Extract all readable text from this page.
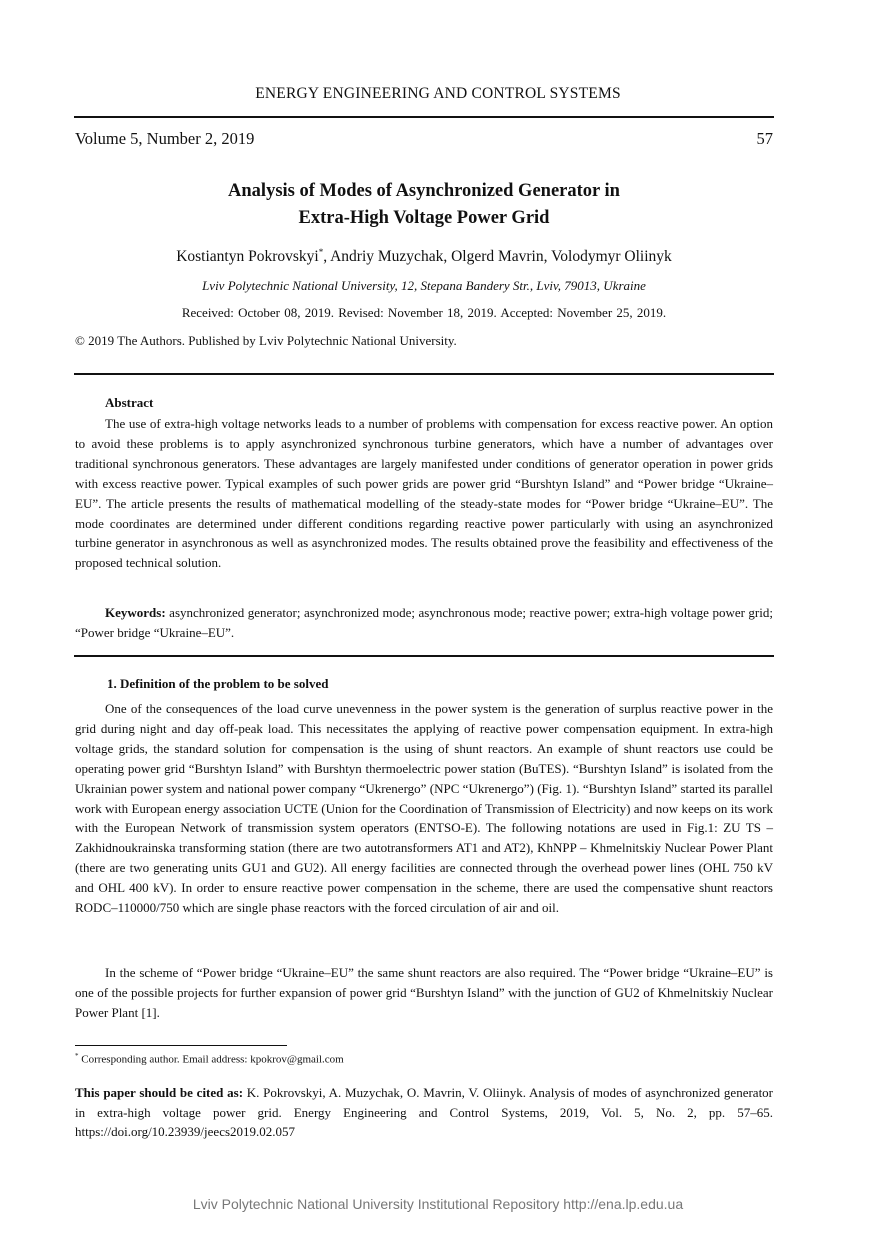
ENERGY ENGINEERING AND CONTROL SYSTEMS
Volume 5, Number 2, 2019	57
Analysis of Modes of Asynchronized Generator in
Extra-High Voltage Power Grid
Kostiantyn Pokrovskyi*, Andriy Muzychak, Olgerd Mavrin, Volodymyr Oliinyk
Lviv Polytechnic National University, 12, Stepana Bandery Str., Lviv, 79013, Ukraine
Received: October 08, 2019. Revised: November 18, 2019. Accepted: November 25, 2019.
© 2019 The Authors. Published by Lviv Polytechnic National University.
Abstract
The use of extra-high voltage networks leads to a number of problems with compensation for excess reactive power. An option to avoid these problems is to apply asynchronized synchronous turbine generators, which have a number of advantages over traditional synchronous generators. These advantages are largely manifested under conditions of generator operation in power grids with excess reactive power. Typical examples of such power grids are power grid “Burshtyn Island” and “Power bridge “Ukraine–EU”. The article presents the results of mathematical modelling of the steady-state modes for “Power bridge “Ukraine–EU”. The mode coordinates are determined under different conditions regarding reactive power particularly with using an asynchronized turbine generator in asynchronous as well as asynchronized modes. The results obtained prove the feasibility and effectiveness of the proposed technical solution.
Keywords: asynchronized generator; asynchronized mode; asynchronous mode; reactive power; extra-high voltage power grid; “Power bridge “Ukraine–EU”.
1. Definition of the problem to be solved
One of the consequences of the load curve unevenness in the power system is the generation of surplus reactive power in the grid during night and day off-peak load. This necessitates the applying of reactive power compensation equipment. In extra-high voltage grids, the standard solution for compensation is the using of shunt reactors. An example of shunt reactors use could be operating power grid “Burshtyn Island” with Burshtyn thermoelectric power station (BuTES). “Burshtyn Island” is isolated from the Ukrainian power system and national power company “Ukrenergo” (NPC “Ukrenergo”) (Fig. 1). “Burshtyn Island” started its parallel work with European energy association UCTE (Union for the Coordination of Transmission of Electricity) and now keeps on its work with the European Network of transmission system operators (ENTSO-E). The following notations are used in Fig.1: ZU TS – Zakhidnoukrainska transforming station (there are two autotransformers AT1 and AT2), KhNPP – Khmelnitskiy Nuclear Power Plant (there are two generating units GU1 and GU2). All energy facilities are connected through the overhead power lines (OHL 750 kV and OHL 400 kV). In order to ensure reactive power compensation in the scheme, there are used the compensative shunt reactors RODC–110000/750 which are single phase reactors with the forced circulation of air and oil.
In the scheme of “Power bridge “Ukraine–EU” the same shunt reactors are also required. The “Power bridge “Ukraine–EU” is one of the possible projects for further expansion of power grid “Burshtyn Island” with the junction of GU2 of Khmelnitskiy Nuclear Power Plant [1].
* Corresponding author. Email address: kpokrov@gmail.com
This paper should be cited as: K. Pokrovskyi, A. Muzychak, O. Mavrin, V. Oliinyk. Analysis of modes of asynchronized generator in extra-high voltage power grid. Energy Engineering and Control Systems, 2019, Vol. 5, No. 2, pp. 57–65. https://doi.org/10.23939/jeecs2019.02.057
Lviv Polytechnic National University Institutional Repository http://ena.lp.edu.ua
